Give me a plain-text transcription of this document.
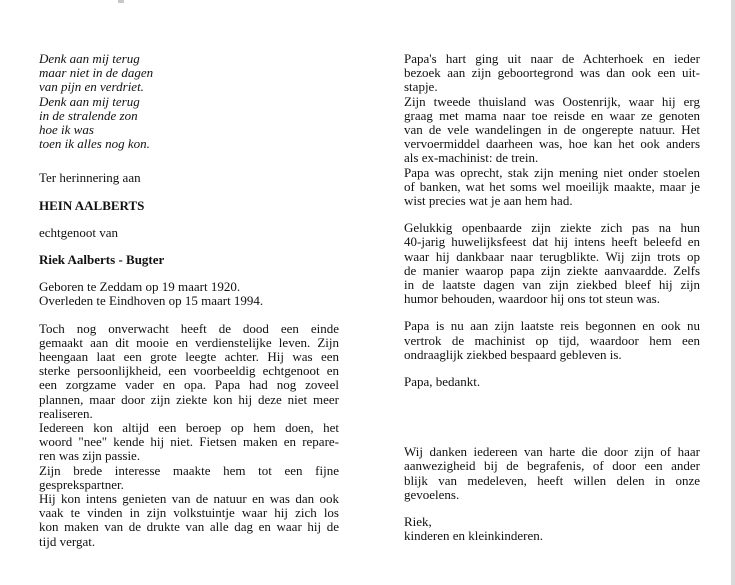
Denk aan mij terug
maar niet in de dagen
van pijn en verdriet.
Denk aan mij terug
in de stralende zon
hoe ik was
toen ik alles nog kon.
Ter herinnering aan
HEIN AALBERTS
echtgenoot van
Riek Aalberts - Bugter
Geboren te Zeddam op 19 maart 1920.
Overleden te Eindhoven op 15 maart 1994.
Toch nog onverwacht heeft de dood een einde
gemaakt aan dit mooie en verdienstelijke leven. Zijn
heengaan laat een grote leegte achter. Hij was een
sterke persoonlijkheid, een voorbeeldig echtgenoot en
een zorgzame vader en opa. Papa had nog zoveel
plannen, maar door zijn ziekte kon hij deze niet meer
realiseren.
Iedereen kon altijd een beroep op hem doen, het
woord "nee" kende hij niet. Fietsen maken en repare-
ren was zijn passie.
Zijn brede interesse maakte hem tot een fijne
gesprekspartner.
Hij kon intens genieten van de natuur en was dan ook
vaak te vinden in zijn volkstuintje waar hij zich los
kon maken van de drukte van alle dag en waar hij de
tijd vergat.
Papa's hart ging uit naar de Achterhoek en ieder
bezoek aan zijn geboortegrond was dan ook een uit-
stapje.
Zijn tweede thuisland was Oostenrijk, waar hij erg
graag met mama naar toe reisde en waar ze genoten
van de vele wandelingen in de ongerepte natuur. Het
vervoermiddel daarheen was, hoe kan het ook anders
als ex-machinist: de trein.
Papa was oprecht, stak zijn mening niet onder stoelen
of banken, wat het soms wel moeilijk maakte, maar je
wist precies wat je aan hem had.
Gelukkig openbaarde zijn ziekte zich pas na hun
40-jarig huwelijksfeest dat hij intens heeft beleefd en
waar hij dankbaar naar terugblikte. Wij zijn trots op
de manier waarop papa zijn ziekte aanvaardde. Zelfs
in de laatste dagen van zijn ziekbed bleef hij zijn
humor behouden, waardoor hij ons tot steun was.
Papa is nu aan zijn laatste reis begonnen en ook nu
vertrok de machinist op tijd, waardoor hem een
ondraaglijk ziekbed bespaard gebleven is.
Papa, bedankt.
Wij danken iedereen van harte die door zijn of haar
aanwezigheid bij de begrafenis, of door een ander
blijk van medeleven, heeft willen delen in onze
gevoelens.
Riek,
kinderen en kleinkinderen.
